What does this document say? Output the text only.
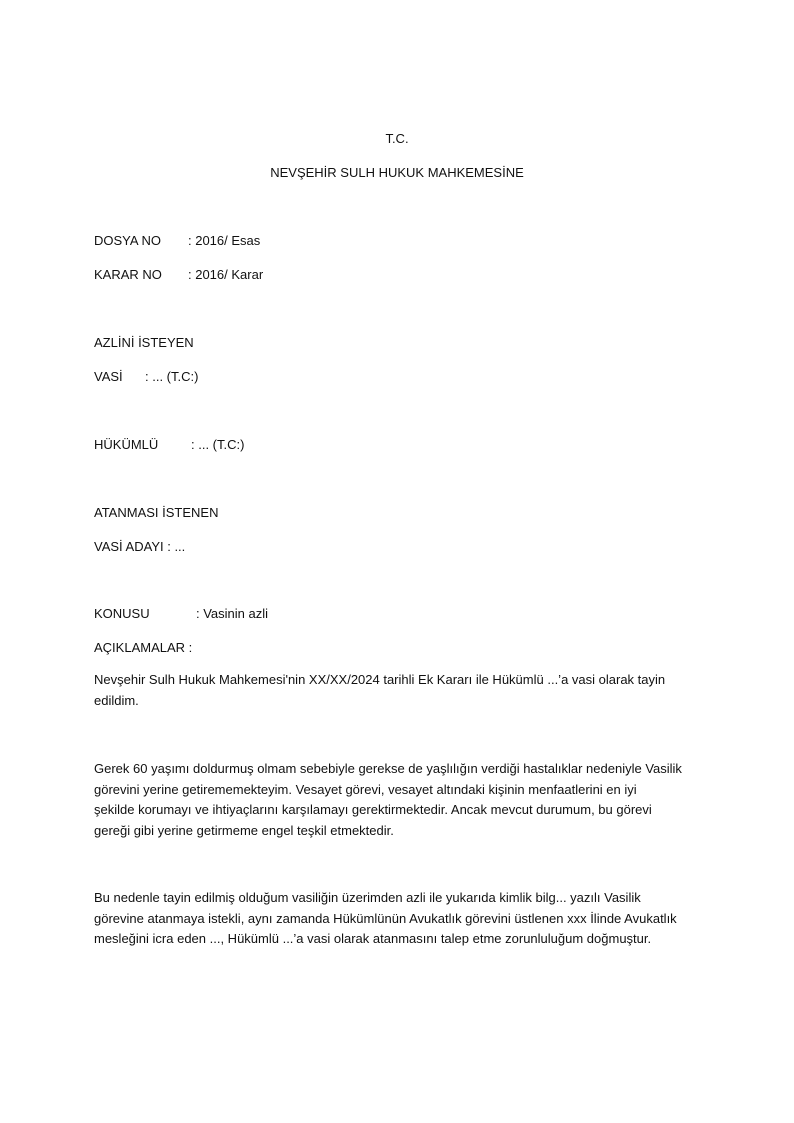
T.C.
NEVŞEHİR SULH HUKUK MAHKEMESİNE
DOSYA NO : 2016/ Esas
KARAR NO : 2016/ Karar
AZLİNİ İSTEYEN
VASİ : ... (T.C:)
HÜKÜMLÜ	: ... (T.C:)
ATANMASI İSTENEN
VASİ ADAYI : ...
KONUSU	: Vasinin azli
AÇIKLAMALAR :
Nevşehir Sulh Hukuk Mahkemesi'nin XX/XX/2024 tarihli Ek Kararı ile Hükümlü ...’a vasi olarak tayin
edildim.
Gerek 60 yaşımı doldurmuş olmam sebebiyle gerekse de yaşlılığın verdiği hastalıklar nedeniyle Vasilik
görevini yerine getirememekteyim. Vesayet görevi, vesayet altındaki kişinin menfaatlerini en iyi
şekilde korumayı ve ihtiyaçlarını karşılamayı gerektirmektedir. Ancak mevcut durumum, bu görevi
gereği gibi yerine getirmeme engel teşkil etmektedir.
Bu nedenle tayin edilmiş olduğum vasiliğin üzerimden azli ile yukarıda kimlik bilg... yazılı Vasilik
görevine atanmaya istekli, aynı zamanda Hükümlünün Avukatlık görevini üstlenen xxx İlinde Avukatlık
mesleğini icra eden ..., Hükümlü ...’a vasi olarak atanmasını talep etme zorunluluğum doğmuştur.
